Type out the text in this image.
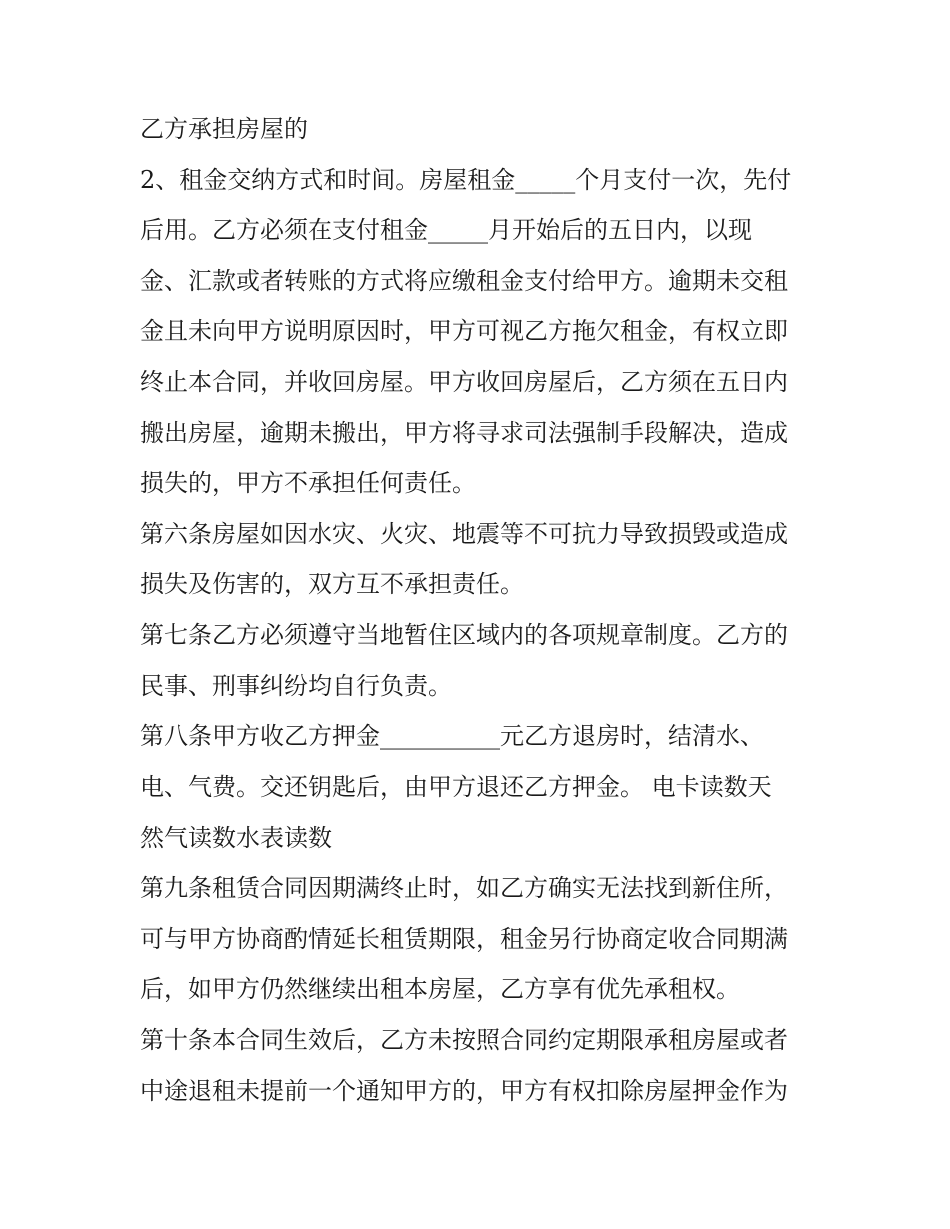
乙方承担房屋的
2、租金交纳方式和时间。房屋租金_____个月支付一次，先付
后用。乙方必须在支付租金_____月开始后的五日内，以现
金、汇款或者转账的方式将应缴租金支付给甲方。逾期未交租
金且未向甲方说明原因时，甲方可视乙方拖欠租金，有权立即
终止本合同，并收回房屋。甲方收回房屋后，乙方须在五日内
搬出房屋，逾期未搬出，甲方将寻求司法强制手段解决，造成
损失的，甲方不承担任何责任。
第六条房屋如因水灾、火灾、地震等不可抗力导致损毁或造成
损失及伤害的，双方互不承担责任。
第七条乙方必须遵守当地暂住区域内的各项规章制度。乙方的
民事、刑事纠纷均自行负责。
第八条甲方收乙方押金__________元乙方退房时，结清水、
电、气费。交还钥匙后，由甲方退还乙方押金。 电卡读数天
然气读数水表读数
第九条租赁合同因期满终止时，如乙方确实无法找到新住所，
可与甲方协商酌情延长租赁期限，租金另行协商定收合同期满
后，如甲方仍然继续出租本房屋，乙方享有优先承租权。
第十条本合同生效后，乙方未按照合同约定期限承租房屋或者
中途退租未提前一个通知甲方的，甲方有权扣除房屋押金作为
